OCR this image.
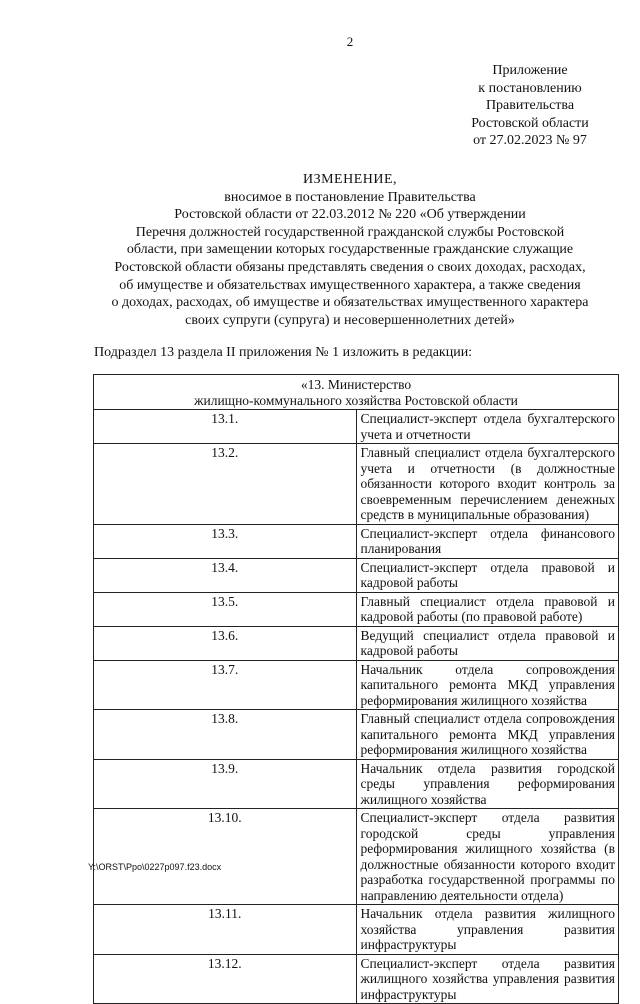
2
Приложение
к постановлению
Правительства
Ростовской области
от 27.02.2023 № 97
ИЗМЕНЕНИЕ,
вносимое в постановление Правительства
Ростовской области от 22.03.2012 № 220 «Об утверждении
Перечня должностей государственной гражданской службы Ростовской
области, при замещении которых государственные гражданские служащие
Ростовской области обязаны представлять сведения о своих доходах, расходах,
об имуществе и обязательствах имущественного характера, а также сведения
о доходах, расходах, об имуществе и обязательствах имущественного характера
своих супруги (супруга) и несовершеннолетних детей»
Подраздел 13 раздела II приложения № 1 изложить в редакции:
«13. Министерство
жилищно-коммунального хозяйства Ростовской области	

13.1.	Специалист-эксперт отдела бухгалтерского учета и отчетности
13.2.	Главный специалист отдела бухгалтерского учета и отчетности (в должностные обязанности которого входит контроль за своевременным перечислением денежных средств в муниципальные образования)
13.3.	Специалист-эксперт отдела финансового планирования
13.4.	Специалист-эксперт отдела правовой и кадровой работы
13.5.	Главный специалист отдела правовой и кадровой работы (по правовой работе)
13.6.	Ведущий специалист отдела правовой и кадровой работы
13.7.	Начальник отдела сопровождения капитального ремонта МКД управления реформирования жилищного хозяйства
13.8.	Главный специалист отдела сопровождения капитального ремонта МКД управления реформирования жилищного хозяйства
13.9.	Начальник отдела развития городской среды управления реформирования жилищного хозяйства
13.10.	Специалист-эксперт отдела развития городской среды управления реформирования жилищного хозяйства (в должностные обязанности которого входит разработка государственной программы по направлению деятельности отдела)
13.11.	Начальник отдела развития жилищного хозяйства управления развития инфраструктуры
13.12.	Специалист-эксперт отдела развития жилищного хозяйства управления развития инфраструктуры
Y:\ORST\Ppo\0227p097.f23.docx
